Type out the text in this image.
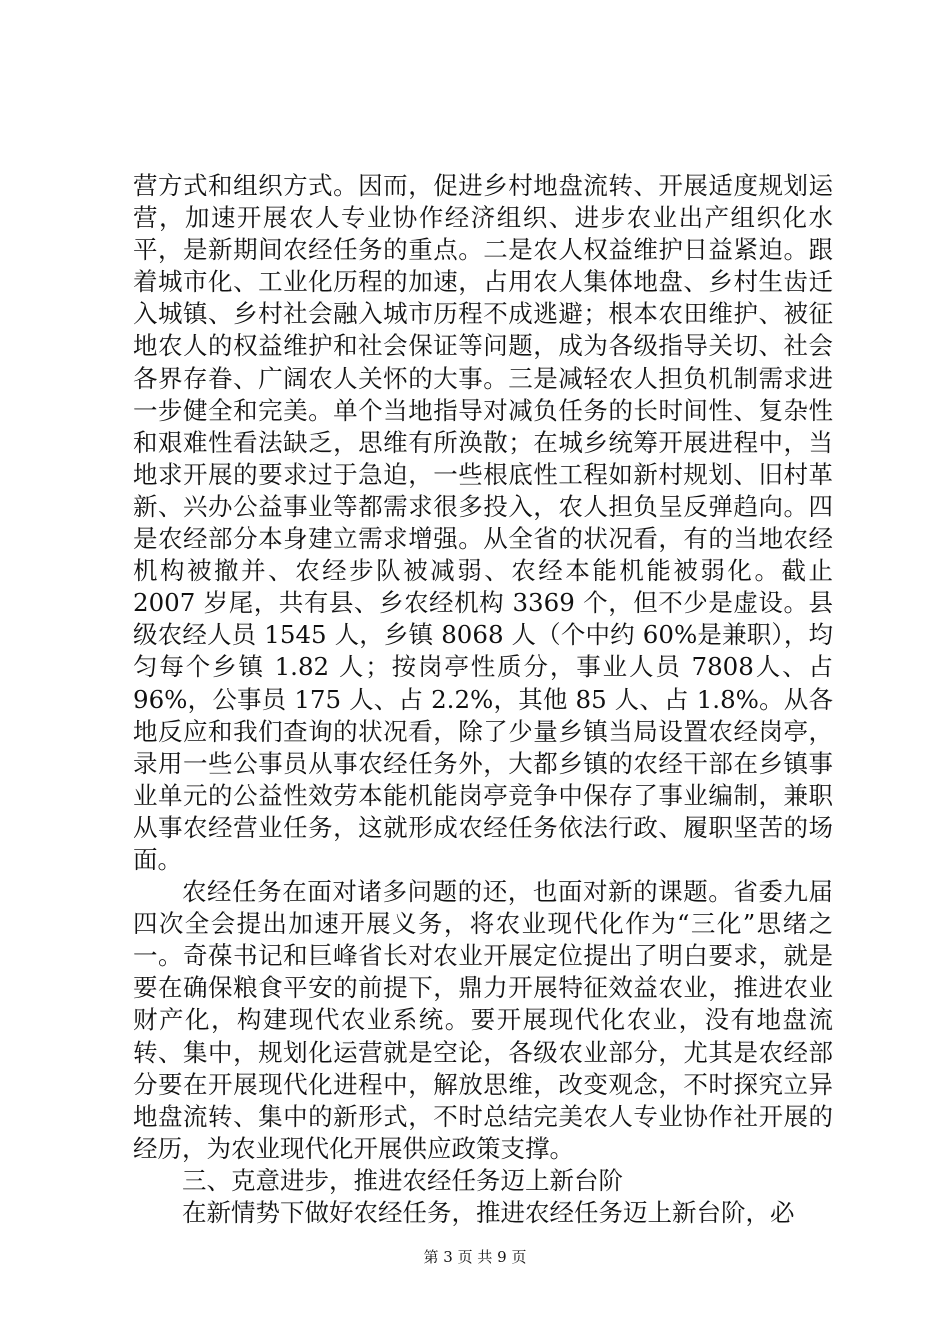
营方式和组织方式。因而，促进乡村地盘流转、开展适度规划运营，加速开展农人专业协作经济组织、进步农业出产组织化水平，是新期间农经任务的重点。二是农人权益维护日益紧迫。跟着城市化、工业化历程的加速，占用农人集体地盘、乡村生齿迁入城镇、乡村社会融入城市历程不成逃避；根本农田维护、被征地农人的权益维护和社会保证等问题，成为各级指导关切、社会各界存眷、广阔农人关怀的大事。三是减轻农人担负机制需求进一步健全和完美。单个当地指导对减负任务的长时间性、复杂性和艰难性看法缺乏，思维有所涣散；在城乡统筹开展进程中，当地求开展的要求过于急迫，一些根底性工程如新村规划、旧村革新、兴办公益事业等都需求很多投入，农人担负呈反弹趋向。四是农经部分本身建立需求增强。从全省的状况看，有的当地农经机构被撤并、农经步队被减弱、农经本能机能被弱化。截止 2007 岁尾，共有县、乡农经机构 3369 个，但不少是虚设。县级农经人员 1545 人，乡镇 8068 人（个中约 60%是兼职），均匀每个乡镇 1.82 人；按岗亭性质分，事业人员 7808人、占 96%，公事员 175 人、占 2.2%，其他 85 人、占 1.8%。从各地反应和我们查询的状况看，除了少量乡镇当局设置农经岗亭，录用一些公事员从事农经任务外，大都乡镇的农经干部在乡镇事业单元的公益性效劳本能机能岗亭竞争中保存了事业编制，兼职从事农经营业任务，这就形成农经任务依法行政、履职坚苦的场面。

农经任务在面对诸多问题的还，也面对新的课题。省委九届四次全会提出加速开展义务，将农业现代化作为“三化”思绪之一。奇葆书记和巨峰省长对农业开展定位提出了明白要求，就是要在确保粮食平安的前提下，鼎力开展特征效益农业，推进农业财产化，构建现代农业系统。要开展现代化农业，没有地盘流转、集中，规划化运营就是空论，各级农业部分，尤其是农经部分要在开展现代化进程中，解放思维，改变观念，不时探究立异地盘流转、集中的新形式，不时总结完美农人专业协作社开展的经历，为农业现代化开展供应政策支撑。

三、克意进步，推进农经任务迈上新台阶

在新情势下做好农经任务，推进农经任务迈上新台阶，必

第 3 页 共 9 页
